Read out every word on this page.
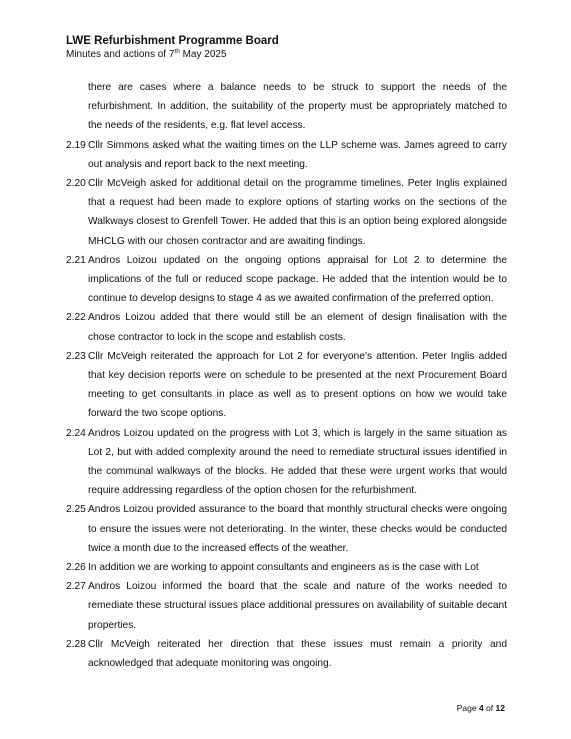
LWE Refurbishment Programme Board
Minutes and actions of 7th May 2025
there are cases where a balance needs to be struck to support the needs of the refurbishment. In addition, the suitability of the property must be appropriately matched to the needs of the residents, e.g. flat level access.
2.19 Cllr Simmons asked what the waiting times on the LLP scheme was. James agreed to carry out analysis and report back to the next meeting.
2.20 Cllr McVeigh asked for additional detail on the programme timelines. Peter Inglis explained that a request had been made to explore options of starting works on the sections of the Walkways closest to Grenfell Tower. He added that this is an option being explored alongside MHCLG with our chosen contractor and are awaiting findings.
2.21 Andros Loizou updated on the ongoing options appraisal for Lot 2 to determine the implications of the full or reduced scope package. He added that the intention would be to continue to develop designs to stage 4 as we awaited confirmation of the preferred option.
2.22 Andros Loizou added that there would still be an element of design finalisation with the chose contractor to lock in the scope and establish costs.
2.23 Cllr McVeigh reiterated the approach for Lot 2 for everyone’s attention. Peter Inglis added that key decision reports were on schedule to be presented at the next Procurement Board meeting to get consultants in place as well as to present options on how we would take forward the two scope options.
2.24 Andros Loizou updated on the progress with Lot 3, which is largely in the same situation as Lot 2, but with added complexity around the need to remediate structural issues identified in the communal walkways of the blocks. He added that these were urgent works that would require addressing regardless of the option chosen for the refurbishment.
2.25 Andros Loizou provided assurance to the board that monthly structural checks were ongoing to ensure the issues were not deteriorating. In the winter, these checks would be conducted twice a month due to the increased effects of the weather.
2.26 In addition we are working to appoint consultants and engineers as is the case with Lot
2.27 Andros Loizou informed the board that the scale and nature of the works needed to remediate these structural issues place additional pressures on availability of suitable decant properties.
2.28 Cllr McVeigh reiterated her direction that these issues must remain a priority and acknowledged that adequate monitoring was ongoing.
Page 4 of 12
